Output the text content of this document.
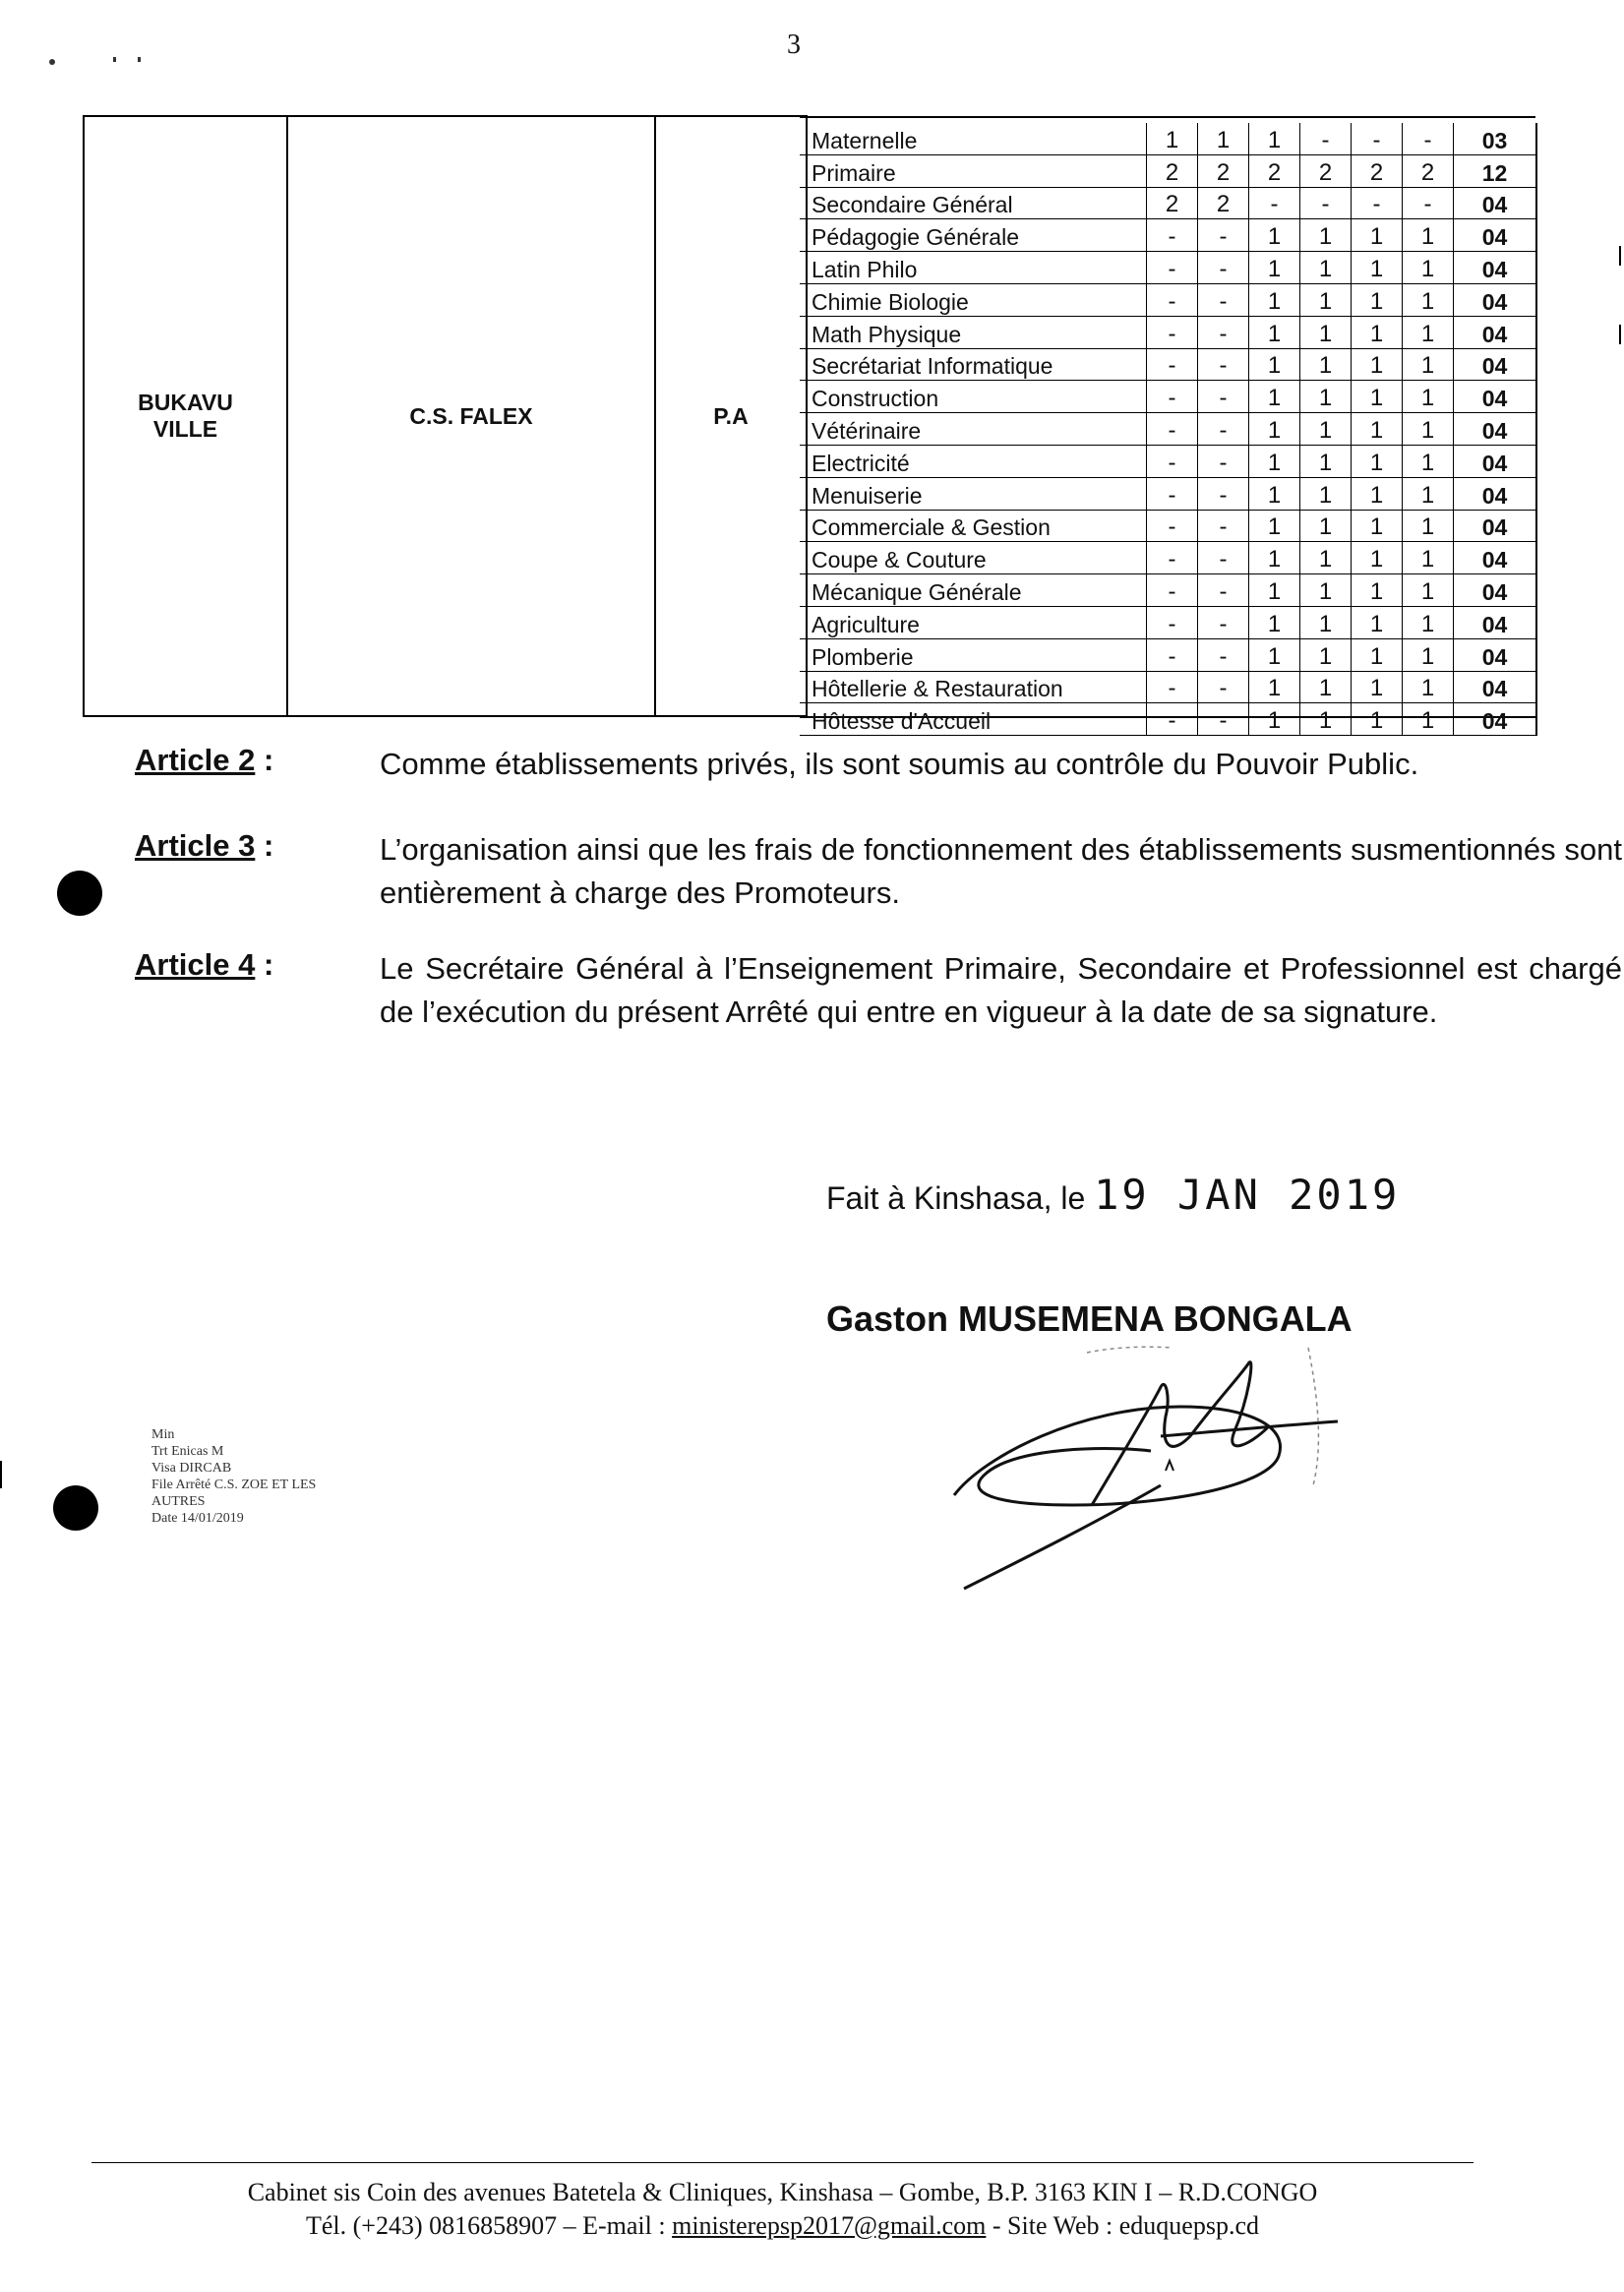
3
BUKAVU
VILLE
	C.S. FALEX	P.A
Maternelle	1	1	1	-	-	-	03
Primaire	2	2	2	2	2	2	12
Secondaire Général	2	2	-	-	-	-	04
Pédagogie Générale	-	-	1	1	1	1	04
Latin Philo	-	-	1	1	1	1	04
Chimie Biologie	-	-	1	1	1	1	04
Math Physique	-	-	1	1	1	1	04
Secrétariat Informatique	-	-	1	1	1	1	04
Construction	-	-	1	1	1	1	04
Vétérinaire	-	-	1	1	1	1	04
Electricité	-	-	1	1	1	1	04
Menuiserie	-	-	1	1	1	1	04
Commerciale & Gestion	-	-	1	1	1	1	04
Coupe & Couture	-	-	1	1	1	1	04
Mécanique Générale	-	-	1	1	1	1	04
Agriculture	-	-	1	1	1	1	04
Plomberie	-	-	1	1	1	1	04
Hôtellerie & Restauration	-	-	1	1	1	1	04
Hôtesse d'Accueil	-	-	1	1	1	1	04
Article 2 :	Comme établissements privés, ils sont soumis au contrôle du Pouvoir Public.
Article 3 :	L’organisation ainsi que les frais de fonctionnement des établissements susmentionnés sont entièrement à charge des Promoteurs.
Article 4 :	Le Secrétaire Général à l’Enseignement Primaire, Secondaire et Professionnel est chargé de l’exécution du présent Arrêté qui entre en vigueur à la date de sa signature.
Fait à Kinshasa, le 19 JAN 2019
Gaston MUSEMENA BONGALA
Min
Trt Enicas M
Visa DIRCAB
File Arrêté C.S. ZOE ET LES
AUTRES
Date 14/01/2019
Cabinet sis Coin des avenues Batetela & Cliniques, Kinshasa – Gombe, B.P. 3163 KIN I – R.D.CONGO
Tél. (+243) 0816858907 – E-mail : ministerepsp2017@gmail.com - Site Web : eduquepsp.cd
